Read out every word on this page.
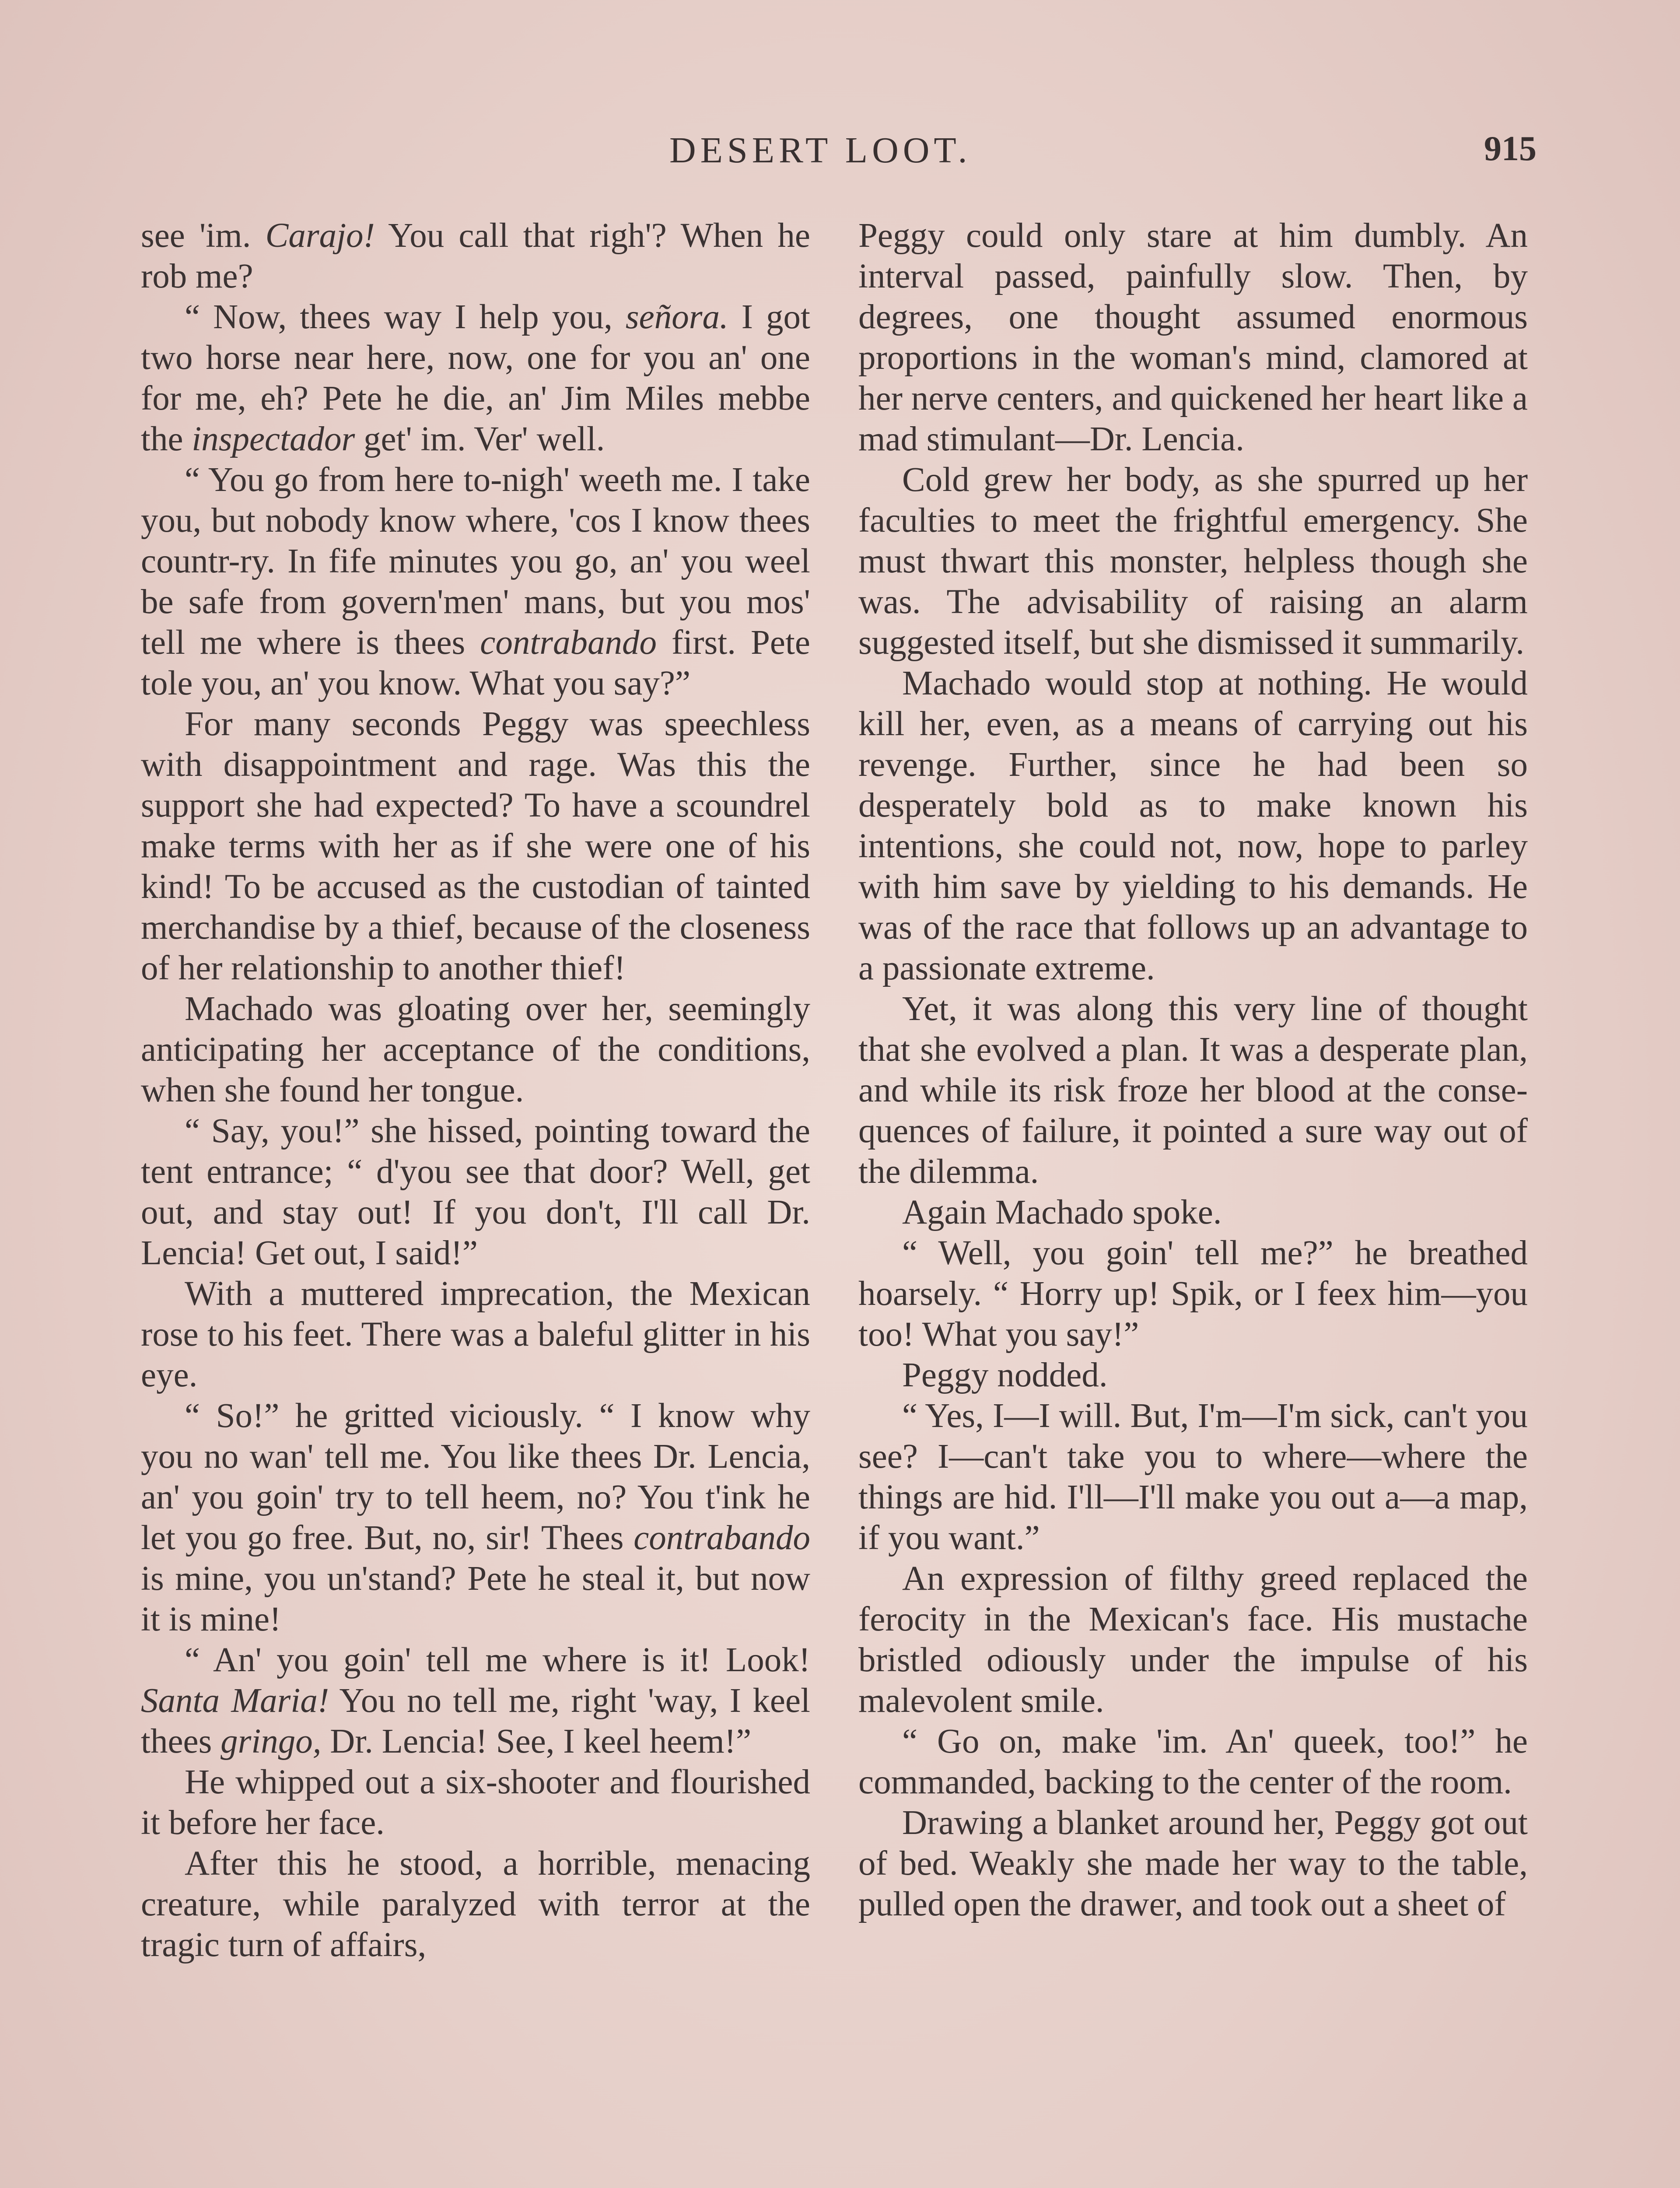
DESERT LOOT.	915

see 'im. Carajo! You call that righ'? When he rob me?

“ Now, thees way I help you, señora. I got two horse near here, now, one for you an' one for me, eh? Pete he die, an' Jim Miles mebbe the inspectador get' im. Ver' well.

“ You go from here to-nigh' weeth me. I take you, but nobody know where, 'cos I know thees countr-ry. In fife minutes you go, an' you weel be safe from govern'men' mans, but you mos' tell me where is thees contrabando first. Pete tole you, an' you know. What you say?”

For many seconds Peggy was speechless with disappointment and rage. Was this the support she had expected? To have a scoundrel make terms with her as if she were one of his kind! To be accused as the custodian of tainted merchandise by a thief, because of the closeness of her relationship to another thief!

Machado was gloating over her, seemingly anticipating her acceptance of the conditions, when she found her tongue.

“ Say, you!” she hissed, pointing toward the tent entrance; “ d'you see that door? Well, get out, and stay out! If you don't, I'll call Dr. Lencia! Get out, I said!”

With a muttered imprecation, the Mexican rose to his feet. There was a baleful glitter in his eye.

“ So!” he gritted viciously. “ I know why you no wan' tell me. You like thees Dr. Lencia, an' you goin' try to tell heem, no? You t'ink he let you go free. But, no, sir! Thees contrabando is mine, you un'stand? Pete he steal it, but now it is mine!

“ An' you goin' tell me where is it! Look! Santa Maria! You no tell me, right 'way, I keel thees gringo, Dr. Lencia! See, I keel heem!”

He whipped out a six-shooter and flourished it before her face.

After this he stood, a horrible, menacing creature, while paralyzed with terror at the tragic turn of affairs,

Peggy could only stare at him dumbly. An interval passed, painfully slow. Then, by degrees, one thought assumed enormous proportions in the woman's mind, clamored at her nerve centers, and quickened her heart like a mad stimulant—Dr. Lencia.

Cold grew her body, as she spurred up her faculties to meet the frightful emergency. She must thwart this monster, helpless though she was. The advisability of raising an alarm suggested itself, but she dismissed it summarily.

Machado would stop at nothing. He would kill her, even, as a means of carrying out his revenge. Further, since he had been so desperately bold as to make known his intentions, she could not, now, hope to parley with him save by yielding to his demands. He was of the race that follows up an advantage to a passionate extreme.

Yet, it was along this very line of thought that she evolved a plan. It was a desperate plan, and while its risk froze her blood at the consequences of failure, it pointed a sure way out of the dilemma.

Again Machado spoke.

“ Well, you goin' tell me?” he breathed hoarsely. “ Horry up! Spik, or I feex him—you too! What you say!”

Peggy nodded.

“ Yes, I—I will. But, I'm—I'm sick, can't you see? I—can't take you to where—where the things are hid. I'll—I'll make you out a—a map, if you want.”

An expression of filthy greed replaced the ferocity in the Mexican's face. His mustache bristled odiously under the impulse of his malevolent smile.

“ Go on, make 'im. An' queek, too!” he commanded, backing to the center of the room.

Drawing a blanket around her, Peggy got out of bed. Weakly she made her way to the table, pulled open the drawer, and took out a sheet of
